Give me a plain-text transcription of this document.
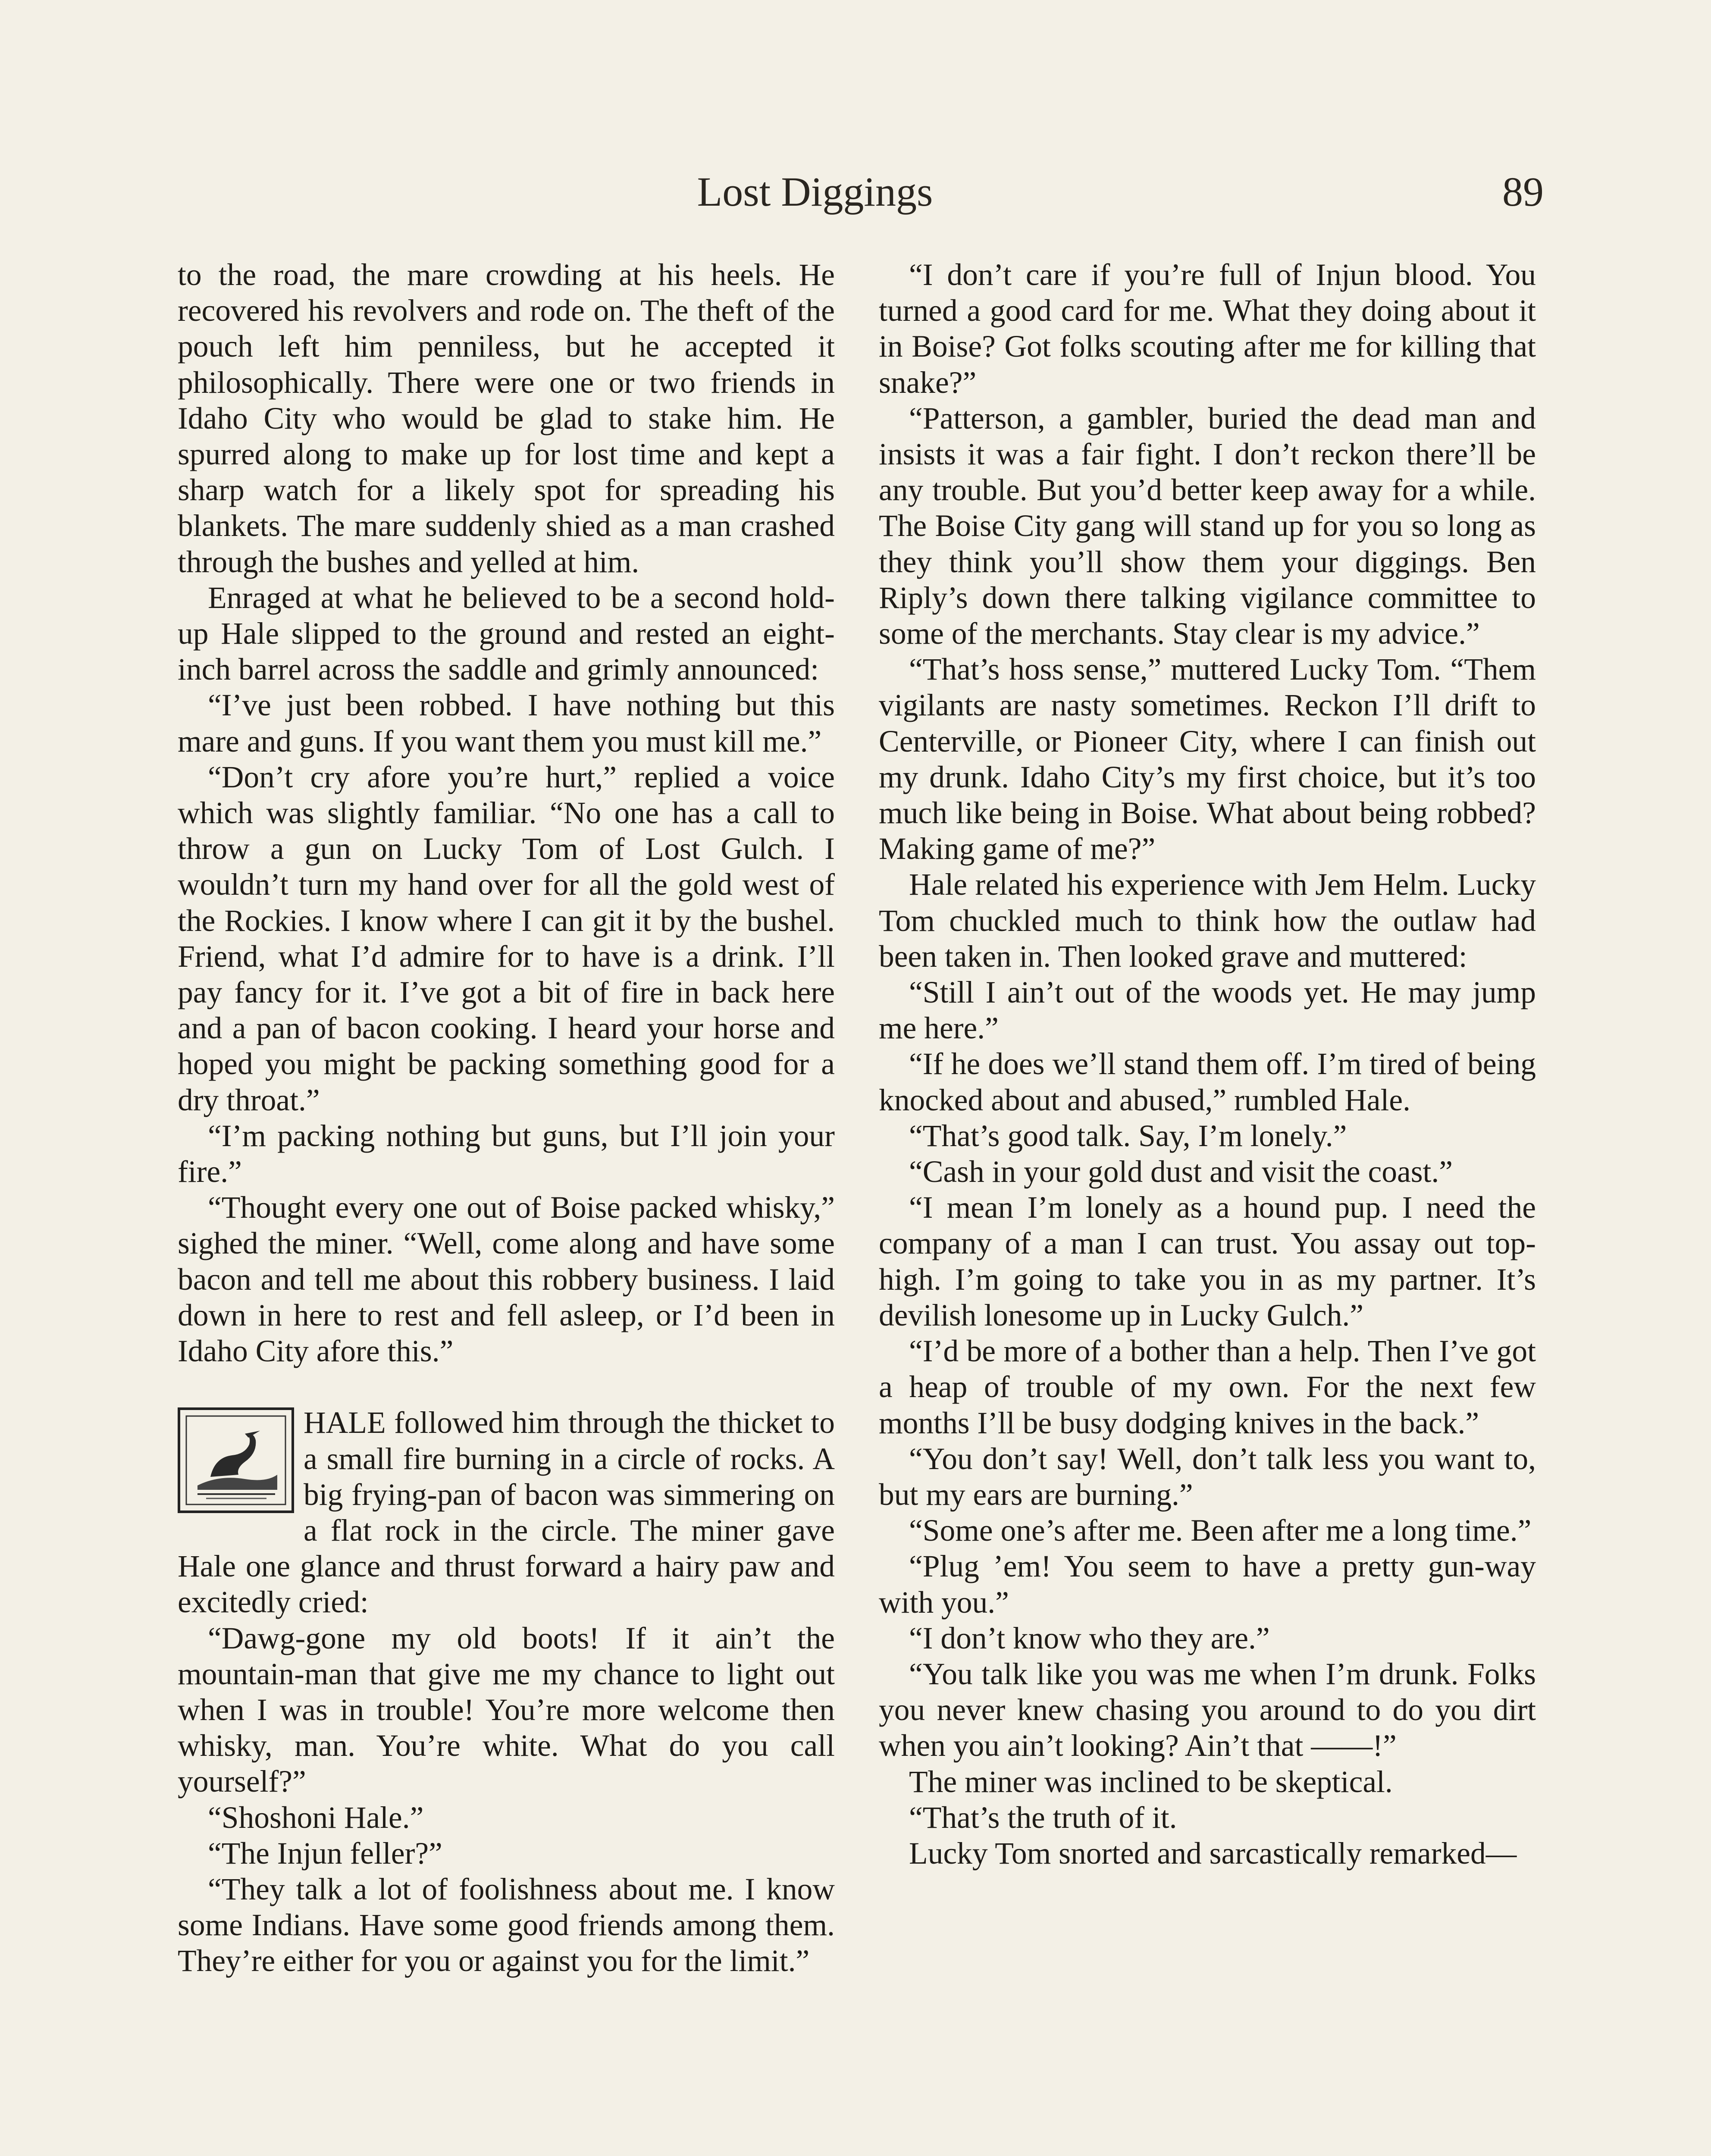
Lost Diggings	89

to the road, the mare crowding at his heels. He recovered his revolvers and rode on. The theft of the pouch left him penniless, but he accepted it philosophically. There were one or two friends in Idaho City who would be glad to stake him. He spurred along to make up for lost time and kept a sharp watch for a likely spot for spreading his blankets. The mare suddenly shied as a man crashed through the bushes and yelled at him.

Enraged at what he believed to be a second hold-up Hale slipped to the ground and rested an eight-inch barrel across the saddle and grimly announced:

“I’ve just been robbed. I have nothing but this mare and guns. If you want them you must kill me.”

“Don’t cry afore you’re hurt,” replied a voice which was slightly familiar. “No one has a call to throw a gun on Lucky Tom of Lost Gulch. I wouldn’t turn my hand over for all the gold west of the Rockies. I know where I can git it by the bushel. Friend, what I’d admire for to have is a drink. I’ll pay fancy for it. I’ve got a bit of fire in back here and a pan of bacon cooking. I heard your horse and hoped you might be packing something good for a dry throat.”

“I’m packing nothing but guns, but I’ll join your fire.”

“Thought every one out of Boise packed whisky,” sighed the miner. “Well, come along and have some bacon and tell me about this robbery business. I laid down in here to rest and fell asleep, or I’d been in Idaho City afore this.”

HALE followed him through the thicket to a small fire burning in a circle of rocks. A big frying-pan of bacon was simmering on a flat rock in the circle. The miner gave Hale one glance and thrust forward a hairy paw and excitedly cried:

“Dawg-gone my old boots! If it ain’t the mountain-man that give me my chance to light out when I was in trouble! You’re more welcome then whisky, man. You’re white. What do you call yourself?”

“Shoshoni Hale.”

“The Injun feller?”

“They talk a lot of foolishness about me. I know some Indians. Have some good friends among them. They’re either for you or against you for the limit.”

“I don’t care if you’re full of Injun blood. You turned a good card for me. What they doing about it in Boise? Got folks scouting after me for killing that snake?”

“Patterson, a gambler, buried the dead man and insists it was a fair fight. I don’t reckon there’ll be any trouble. But you’d better keep away for a while. The Boise City gang will stand up for you so long as they think you’ll show them your diggings. Ben Riply’s down there talking vigilance committee to some of the merchants. Stay clear is my advice.”

“That’s hoss sense,” muttered Lucky Tom. “Them vigilants are nasty sometimes. Reckon I’ll drift to Centerville, or Pioneer City, where I can finish out my drunk. Idaho City’s my first choice, but it’s too much like being in Boise. What about being robbed? Making game of me?”

Hale related his experience with Jem Helm. Lucky Tom chuckled much to think how the outlaw had been taken in. Then looked grave and muttered:

“Still I ain’t out of the woods yet. He may jump me here.”

“If he does we’ll stand them off. I’m tired of being knocked about and abused,” rumbled Hale.

“That’s good talk. Say, I’m lonely.”

“Cash in your gold dust and visit the coast.”

“I mean I’m lonely as a hound pup. I need the company of a man I can trust. You assay out top-high. I’m going to take you in as my partner. It’s devilish lonesome up in Lucky Gulch.”

“I’d be more of a bother than a help. Then I’ve got a heap of trouble of my own. For the next few months I’ll be busy dodging knives in the back.”

“You don’t say! Well, don’t talk less you want to, but my ears are burning.”

“Some one’s after me. Been after me a long time.”

“Plug ’em! You seem to have a pretty gun-way with you.”

“I don’t know who they are.”

“You talk like you was me when I’m drunk. Folks you never knew chasing you around to do you dirt when you ain’t looking? Ain’t that ——!”

The miner was inclined to be skeptical.

“That’s the truth of it.

Lucky Tom snorted and sarcastically remarked—
